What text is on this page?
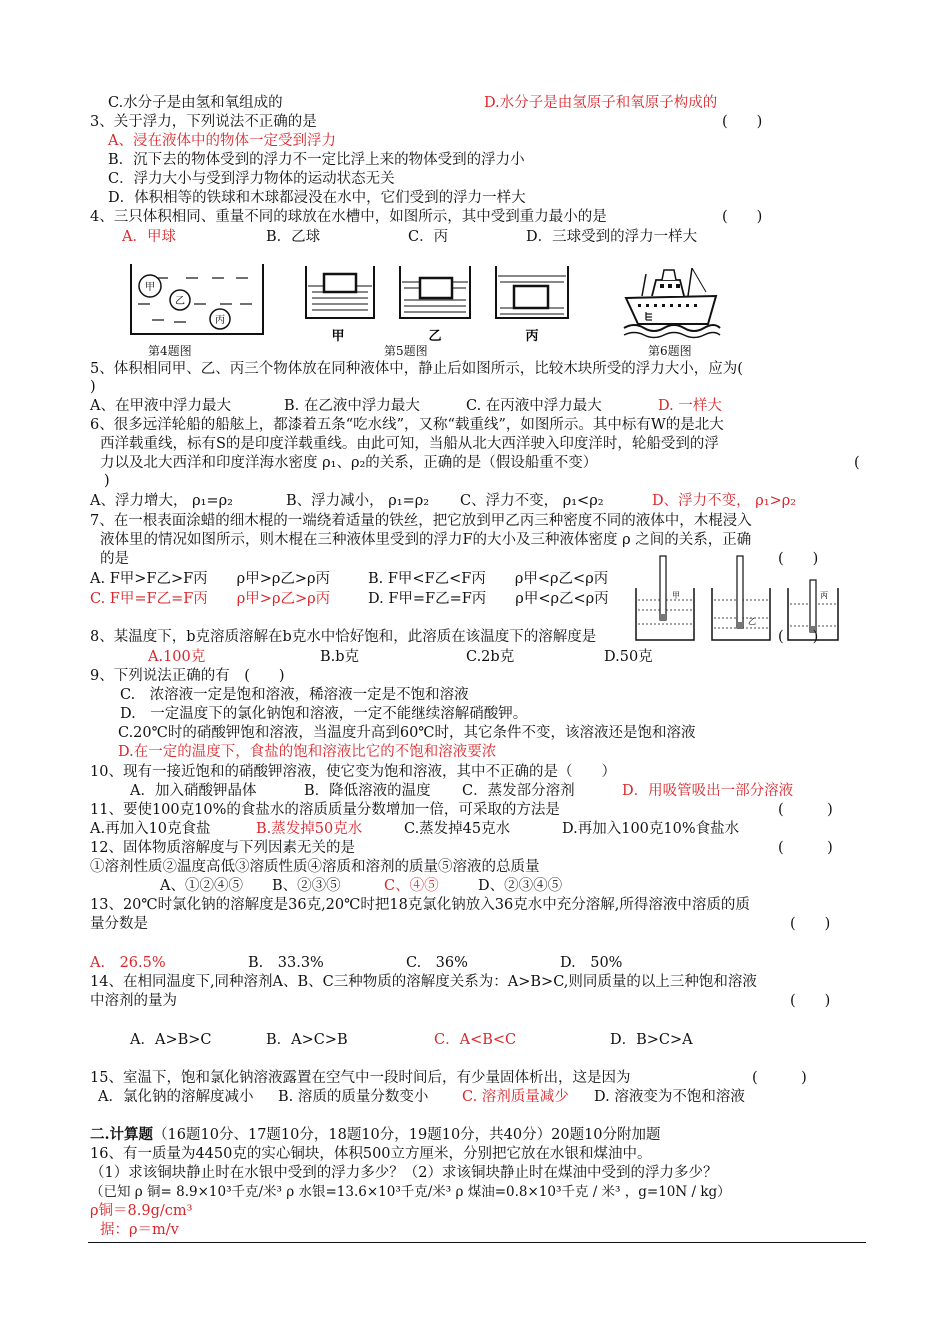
C.水分子是由氢和氧组成的	D.水分子是由氢原子和氧原子构成的
3、关于浮力，下列说法不正确的是	(　　)
A、浸在液体中的物体一定受到浮力
B．沉下去的物体受到的浮力不一定比浮上来的物体受到的浮力小
C．浮力大小与受到浮力物体的运动状态无关
D．体积相等的铁球和木球都浸没在水中，它们受到的浮力一样大
4、三只体积相同、重量不同的球放在水槽中，如图所示，其中受到重力最小的是	(　　)
A．甲球	B．乙球	C．丙	D．三球受到的浮力一样大
甲
乙
丙
甲	乙	丙
第4题图	第5题图	第6题图
5、体积相同甲、乙、丙三个物体放在同种液体中，静止后如图所示，比较木块所受的浮力大小，应为(
)
A、在甲液中浮力最大	B. 在乙液中浮力最大	C. 在丙液中浮力最大	D. 一样大
6、很多远洋轮船的船舷上，都漆着五条“吃水线”，又称“载重线”，如图所示。其中标有W的是北大
西洋载重线，标有S的是印度洋载重线。由此可知，当船从北大西洋驶入印度洋时，轮船受到的浮
力以及北大西洋和印度洋海水密度 ρ₁、ρ₂的关系，正确的是（假设船重不变）	(
)
A、浮力增大， ρ₁=ρ₂	B、浮力减小， ρ₁=ρ₂ C、浮力不变， ρ₁<ρ₂	D、浮力不变， ρ₁>ρ₂
7、在一根表面涂蜡的细木棍的一端绕着适量的铁丝，把它放到甲乙丙三种密度不同的液体中，木棍浸入
液体里的情况如图所示，则木棍在三种液体里受到的浮力F的大小及三种液体密度 ρ 之间的关系，正确
的是	(　　)
A. F甲>F乙>F丙　　ρ甲>ρ乙>ρ丙	B. F甲<F乙<F丙　　ρ甲<ρ乙<ρ丙
C. F甲=F乙=F丙　　ρ甲>ρ乙>ρ丙	D. F甲=F乙=F丙　　ρ甲<ρ乙<ρ丙	甲
乙
丙
8、某温度下，b克溶质溶解在b克水中恰好饱和，此溶质在该温度下的溶解度是	(　　)
A.100克	B.b克	C.2b克	D.50克
9、下列说法正确的有　(　　)
C.　浓溶液一定是饱和溶液，稀溶液一定是不饱和溶液
D.　一定温度下的氯化钠饱和溶液，一定不能继续溶解硝酸钾。
C.20℃时的硝酸钾饱和溶液，当温度升高到60℃时，其它条件不变，该溶液还是饱和溶液
D.在一定的温度下，食盐的饱和溶液比它的不饱和溶液要浓
10、现有一接近饱和的硝酸钾溶液，使它变为饱和溶液，其中不正确的是（　　）
A．加入硝酸钾晶体	B．降低溶液的温度 C．蒸发部分溶剂	D．用吸管吸出一部分溶液
11、要使100克10%的食盐水的溶质质量分数增加一倍，可采取的方法是	(　　　)
A.再加入10克食盐	B.蒸发掉50克水	C.蒸发掉45克水	D.再加入100克10%食盐水
12、固体物质溶解度与下列因素无关的是	(　　　)
①溶剂性质②温度高低③溶质性质④溶质和溶剂的质量⑤溶液的总质量
A、①②④⑤ B、②③⑤	C、④⑤	D、②③④⑤
13、20℃时氯化钠的溶解度是36克,20℃时把18克氯化钠放入36克水中充分溶解,所得溶液中溶质的质
量分数是	(　　)
A.　26.5%	B.　33.3%	C.　36%	D.　50%
14、在相同温度下,同种溶剂A、B、C三种物质的溶解度关系为：A>B>C,则同质量的以上三种饱和溶液
中溶剂的量为	(　　)
A．A>B>C	B．A>C>B	C．A<B<C	D．B>C>A
15、室温下，饱和氯化钠溶液露置在空气中一段时间后，有少量固体析出，这是因为	(　　　)
A．氯化钠的溶解度减小 B. 溶质的质量分数变小 C. 溶剂质量减少 D. 溶液变为不饱和溶液
二.计算题（16题10分、17题10分，18题10分，19题10分，共40分）20题10分附加题
16、有一质量为4450克的实心铜块，体积500立方厘米，分别把它放在水银和煤油中。
（1）求该铜块静止时在水银中受到的浮力多少？（2）求该铜块静止时在煤油中受到的浮力多少？
（已知 ρ 铜= 8.9×10³千克/米³ ρ 水银=13.6×10³千克/米³ ρ 煤油=0.8×10³千克 / 米³ ，g=10N / kg）
ρ铜＝8.9g/cm³
据：ρ＝m/v
